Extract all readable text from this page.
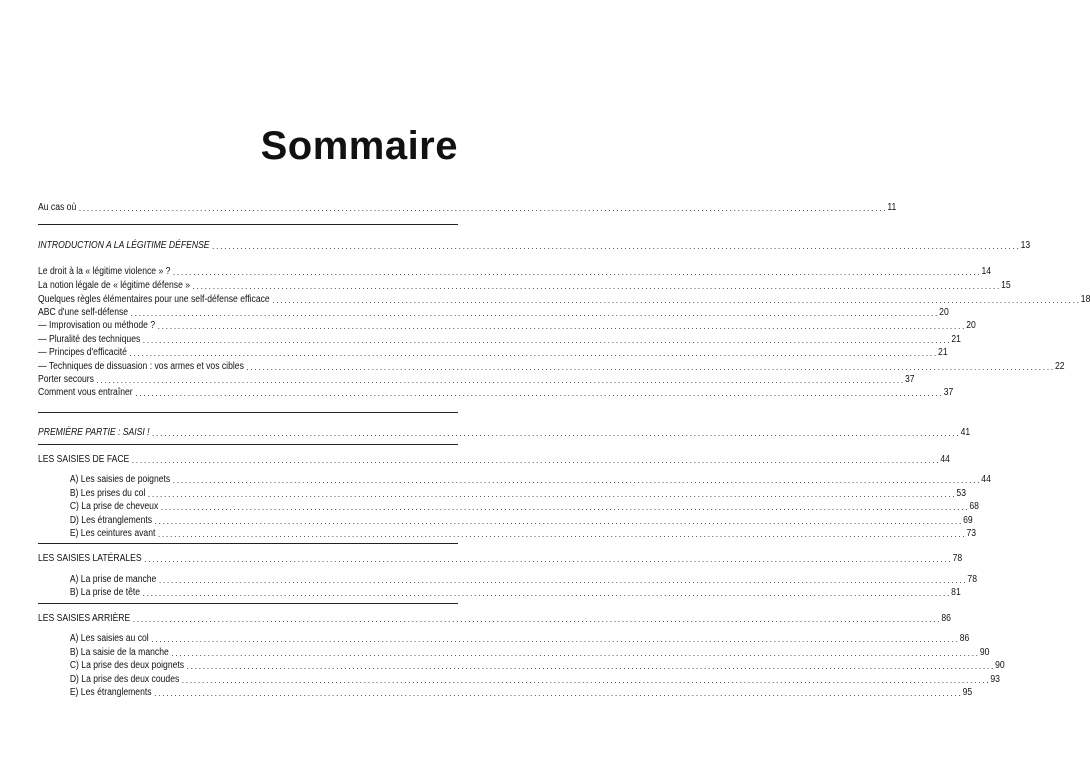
Sommaire
Au cas où ........................................................................................................................................................................................................ 11
INTRODUCTION A LA LÉGITIME DÉFENSE ........................................................................................................................................................................................................ 13
Le droit à la « légitime violence » ? ........................................................................................................................................................................................................ 14
La notion légale de « légitime défense » ........................................................................................................................................................................................................ 15
Quelques règles élémentaires pour une self-défense efficace ........................................................................................................................................................................................................ 18
ABC d'une self-défense ........................................................................................................................................................................................................ 20
— Improvisation ou méthode ? ........................................................................................................................................................................................................ 20
— Pluralité des techniques ........................................................................................................................................................................................................ 21
— Principes d'efficacité ........................................................................................................................................................................................................ 21
— Techniques de dissuasion : vos armes et vos cibles ........................................................................................................................................................................................................ 22
Porter secours ........................................................................................................................................................................................................ 37
Comment vous entraîner ........................................................................................................................................................................................................ 37
PREMIÈRE PARTIE : SAISI ! ........................................................................................................................................................................................................ 41
LES SAISIES DE FACE ........................................................................................................................................................................................................ 44
A) Les saisies de poignets ........................................................................................................................................................................................................ 44
B) Les prises du col ........................................................................................................................................................................................................ 53
C) La prise de cheveux ........................................................................................................................................................................................................ 68
D) Les étranglements ........................................................................................................................................................................................................ 69
E) Les ceintures avant ........................................................................................................................................................................................................ 73
LES SAISIES LATÉRALES ........................................................................................................................................................................................................ 78
A) La prise de manche ........................................................................................................................................................................................................ 78
B) La prise de tête ........................................................................................................................................................................................................ 81
LES SAISIES ARRIÈRE ........................................................................................................................................................................................................ 86
A) Les saisies au col ........................................................................................................................................................................................................ 86
B) La saisie de la manche ........................................................................................................................................................................................................ 90
C) La prise des deux poignets ........................................................................................................................................................................................................ 90
D) La prise des deux coudes ........................................................................................................................................................................................................ 93
E) Les étranglements ........................................................................................................................................................................................................ 95
